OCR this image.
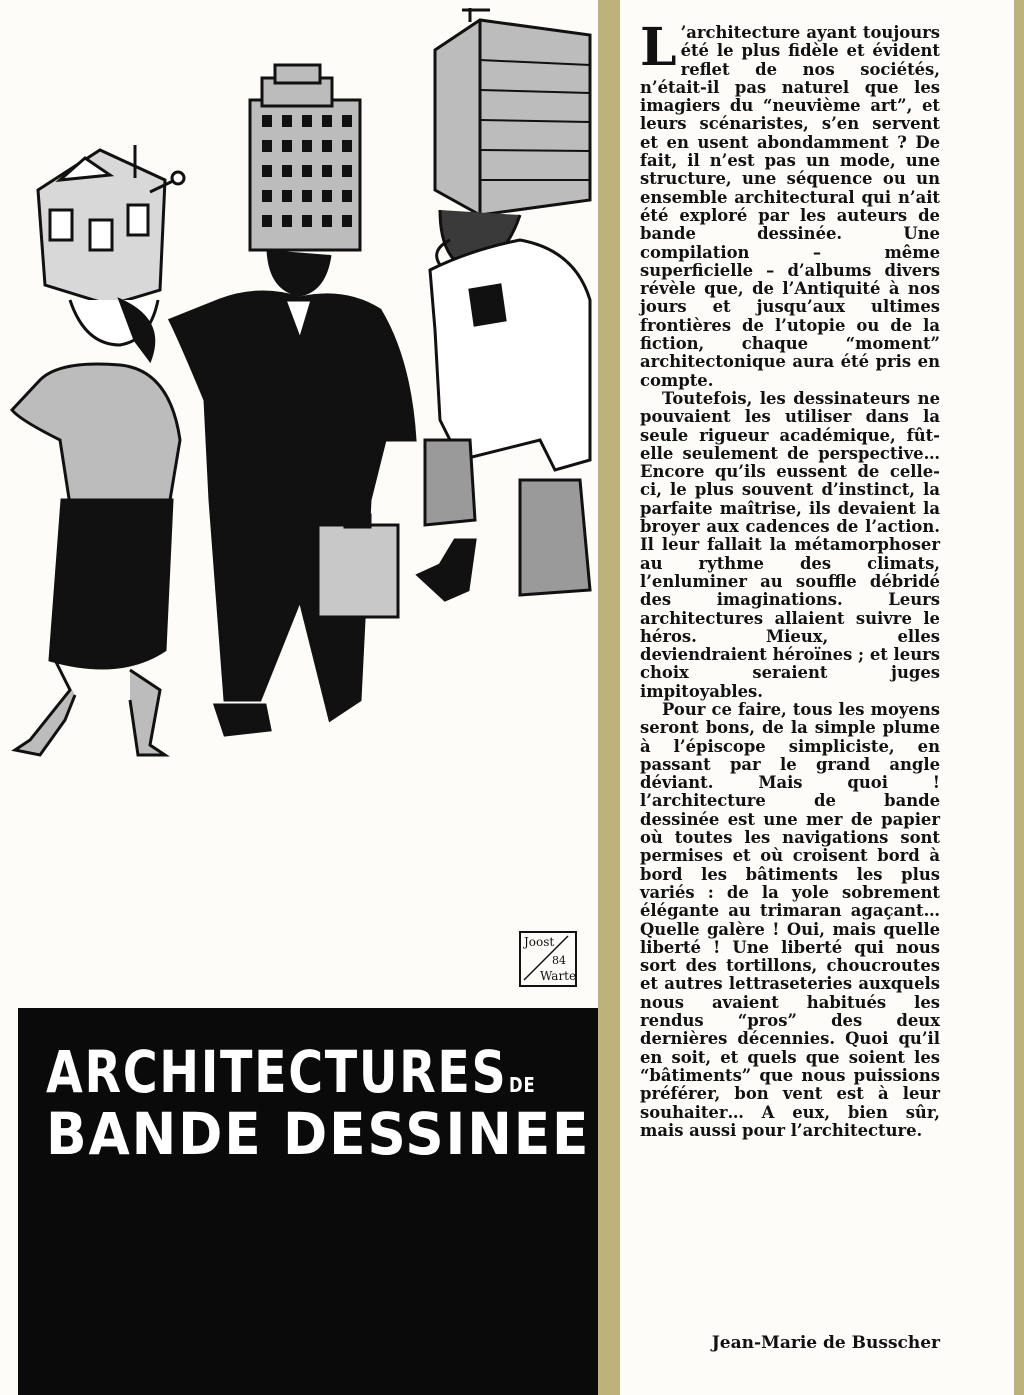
Joost
84
Warte
ARCHITECTURESDE
BANDE DESSINEE

L ’architecture ayant toujours été le plus fidèle et évident reflet de nos sociétés, n’était-il pas naturel que les imagiers du “neuvième art”, et leurs scénaristes, s’en servent et en usent abondamment ? De fait, il n’est pas un mode, une structure, une séquence ou un ensemble architectural qui n’ait été exploré par les auteurs de bande dessinée. Une compilation – même superficielle – d’albums divers révèle que, de l’Antiquité à nos jours et jusqu’aux ultimes frontières de l’utopie ou de la fiction, chaque “moment” architectonique aura été pris en compte.

Toutefois, les dessinateurs ne pouvaient les utiliser dans la seule rigueur académique, fût-elle seulement de perspective… Encore qu’ils eussent de celle-ci, le plus souvent d’instinct, la parfaite maîtrise, ils devaient la broyer aux cadences de l’action. Il leur fallait la métamorphoser au rythme des climats, l’enluminer au souffle débridé des imaginations. Leurs architectures allaient suivre le héros. Mieux, elles deviendraient héroïnes ; et leurs choix seraient juges impitoyables.

Pour ce faire, tous les moyens seront bons, de la simple plume à l’épiscope simpliciste, en passant par le grand angle déviant. Mais quoi ! l’architecture de bande dessinée est une mer de papier où toutes les navigations sont permises et où croisent bord à bord les bâtiments les plus variés : de la yole sobrement élégante au trimaran agaçant… Quelle galère ! Oui, mais quelle liberté ! Une liberté qui nous sort des tortillons, choucroutes et autres lettraseteries auxquels nous avaient habitués les rendus “pros” des deux dernières décennies. Quoi qu’il en soit, et quels que soient les “bâtiments” que nous puissions préférer, bon vent est à leur souhaiter… A eux, bien sûr, mais aussi pour l’architecture.

Jean-Marie de Busscher
